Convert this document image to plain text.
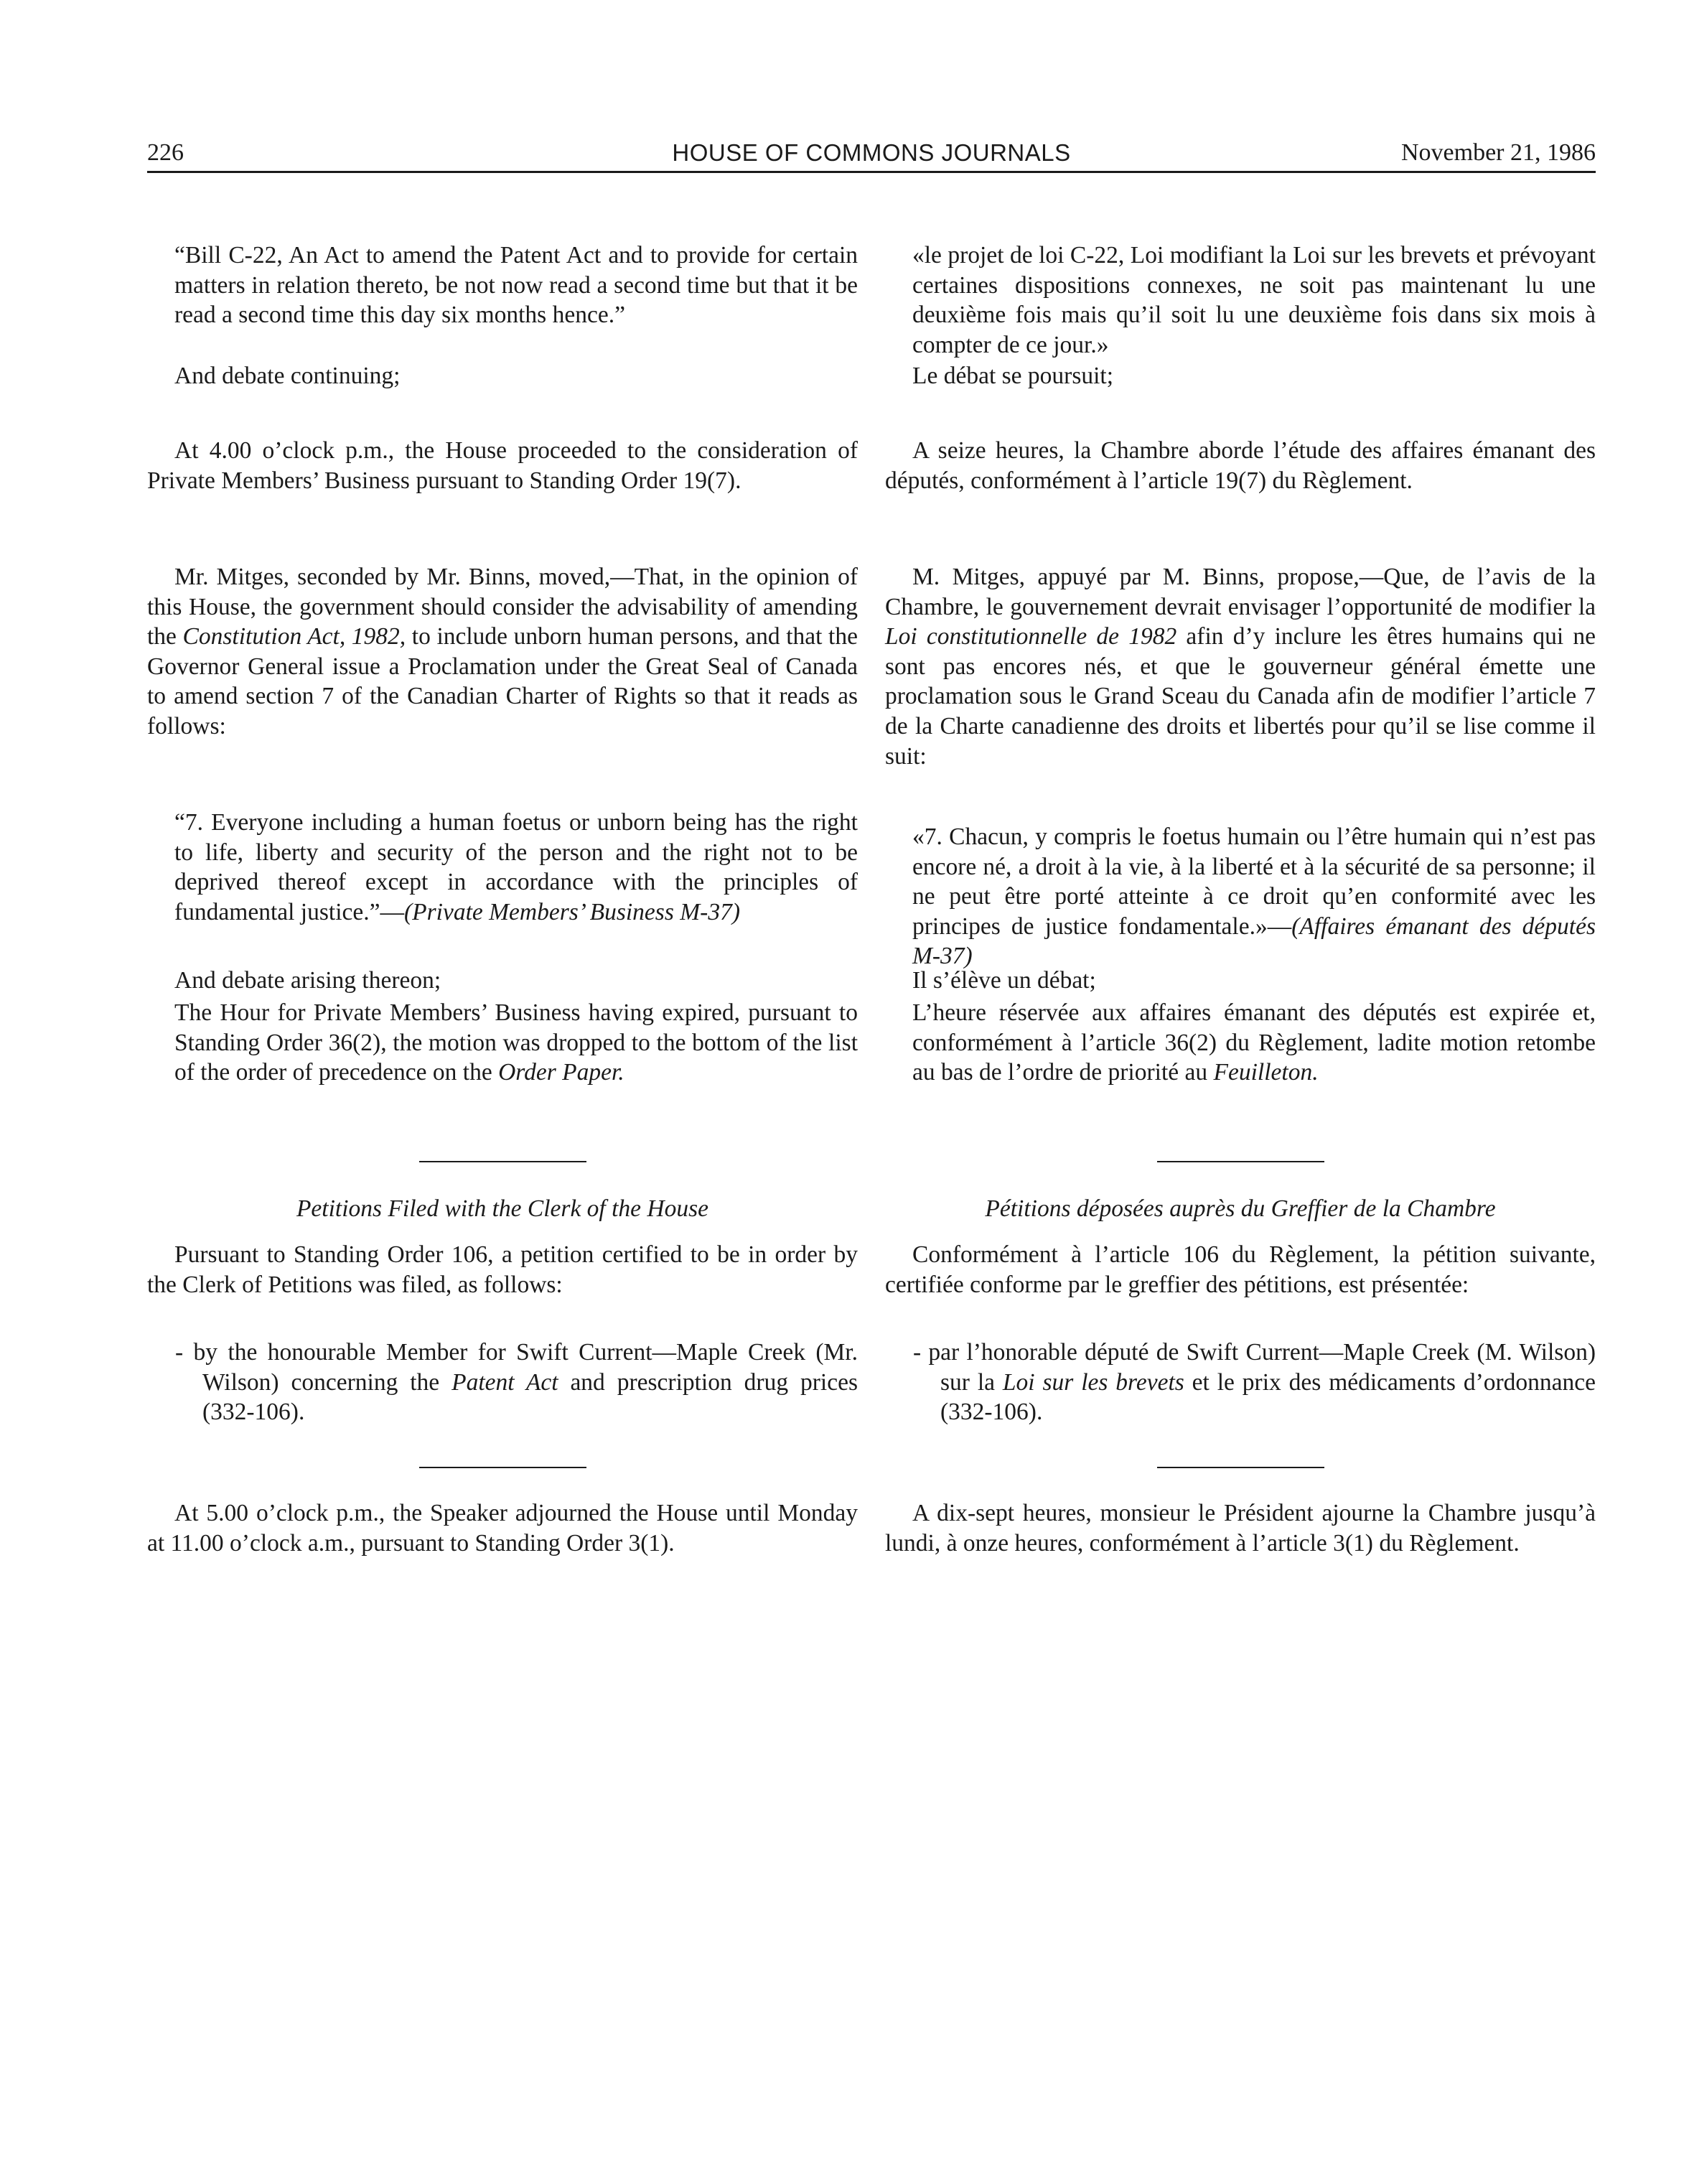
226	HOUSE OF COMMONS JOURNALS	November 21, 1986

“Bill C-22, An Act to amend the Patent Act and to provide for certain matters in relation thereto, be not now read a second time but that it be read a second time this day six months hence.”

And debate continuing;

At 4.00 o’clock p.m., the House proceeded to the consideration of Private Members’ Business pursuant to Standing Order 19(7).

Mr. Mitges, seconded by Mr. Binns, moved,—That, in the opinion of this House, the government should consider the advisability of amending the Constitution Act, 1982, to include unborn human persons, and that the Governor General issue a Proclamation under the Great Seal of Canada to amend section 7 of the Canadian Charter of Rights so that it reads as follows:

“7. Everyone including a human foetus or unborn being has the right to life, liberty and security of the person and the right not to be deprived thereof except in accordance with the principles of fundamental justice.”—(Private Members’ Business M-37)

And debate arising thereon;

The Hour for Private Members’ Business having expired, pursuant to Standing Order 36(2), the motion was dropped to the bottom of the list of the order of precedence on the Order Paper.

Petitions Filed with the Clerk of the House

Pursuant to Standing Order 106, a petition certified to be in order by the Clerk of Petitions was filed, as follows:

- by the honourable Member for Swift Current—Maple Creek (Mr. Wilson) concerning the Patent Act and prescription drug prices (332-106).

At 5.00 o’clock p.m., the Speaker adjourned the House until Monday at 11.00 o’clock a.m., pursuant to Standing Order 3(1).

«le projet de loi C-22, Loi modifiant la Loi sur les brevets et prévoyant certaines dispositions connexes, ne soit pas maintenant lu une deuxième fois mais qu’il soit lu une deuxième fois dans six mois à compter de ce jour.»

Le débat se poursuit;

A seize heures, la Chambre aborde l’étude des affaires émanant des députés, conformément à l’article 19(7) du Règlement.

M. Mitges, appuyé par M. Binns, propose,—Que, de l’avis de la Chambre, le gouvernement devrait envisager l’opportunité de modifier la Loi constitutionnelle de 1982 afin d’y inclure les êtres humains qui ne sont pas encores nés, et que le gouverneur général émette une proclamation sous le Grand Sceau du Canada afin de modifier l’article 7 de la Charte canadienne des droits et libertés pour qu’il se lise comme il suit:

«7. Chacun, y compris le foetus humain ou l’être humain qui n’est pas encore né, a droit à la vie, à la liberté et à la sécurité de sa personne; il ne peut être porté atteinte à ce droit qu’en conformité avec les principes de justice fondamentale.»—(Affaires émanant des députés M-37)

Il s’élève un débat;

L’heure réservée aux affaires émanant des députés est expirée et, conformément à l’article 36(2) du Règlement, ladite motion retombe au bas de l’ordre de priorité au Feuilleton.

Pétitions déposées auprès du Greffier de la Chambre

Conformément à l’article 106 du Règlement, la pétition suivante, certifiée conforme par le greffier des pétitions, est présentée:

- par l’honorable député de Swift Current—Maple Creek (M. Wilson) sur la Loi sur les brevets et le prix des médicaments d’ordonnance (332-106).

A dix-sept heures, monsieur le Président ajourne la Chambre jusqu’à lundi, à onze heures, conformément à l’article 3(1) du Règlement.
